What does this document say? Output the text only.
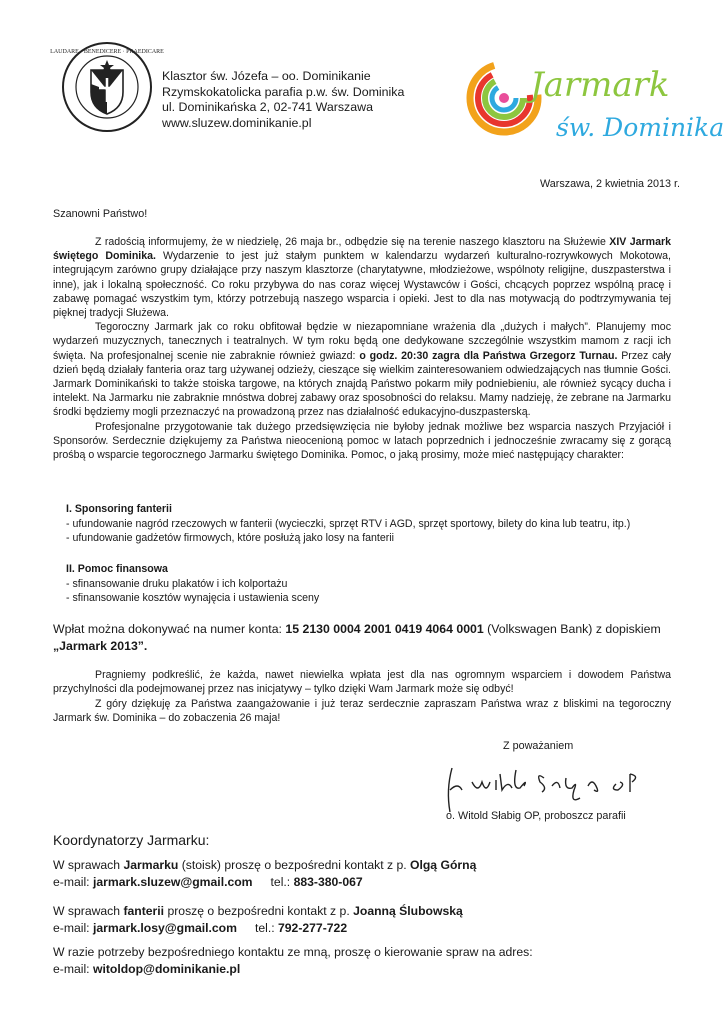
LAUDARE · BENEDICERE · PRAEDICARE
Klasztor św. Józefa – oo. Dominikanie
Rzymskokatolicka parafia p.w. św. Dominika
ul. Dominikańska 2, 02-741 Warszawa
www.sluzew.dominikanie.pl
Jarmark
św. Dominika
Warszawa, 2 kwietnia 2013 r.
Szanowni Państwo!

Z radością informujemy, że w niedzielę, 26 maja br., odbędzie się na terenie naszego klasztoru na Służewie XIV Jarmark świętego Dominika. Wydarzenie to jest już stałym punktem w kalendarzu wydarzeń kulturalno-rozrywkowych Mokotowa, integrującym zarówno grupy działające przy naszym klasztorze (charytatywne, młodzieżowe, wspólnoty religijne, duszpasterstwa i inne), jak i lokalną społeczność. Co roku przybywa do nas coraz więcej Wystawców i Gości, chcących poprzez wspólną pracę i zabawę pomagać wszystkim tym, którzy potrzebują naszego wsparcia i opieki. Jest to dla nas motywacją do podtrzymywania tej pięknej tradycji Służewa.

Tegoroczny Jarmark jak co roku obfitował będzie w niezapomniane wrażenia dla „dużych i małych”. Planujemy moc wydarzeń muzycznych, tanecznych i teatralnych. W tym roku będą one dedykowane szczególnie wszystkim mamom z racji ich święta. Na profesjonalnej scenie nie zabraknie również gwiazd: o godz. 20:30 zagra dla Państwa Grzegorz Turnau. Przez cały dzień będą działały fanteria oraz targ używanej odzieży, cieszące się wielkim zainteresowaniem odwiedzających nas tłumnie Gości. Jarmark Dominikański to także stoiska targowe, na których znajdą Państwo pokarm miły podniebieniu, ale również sycący ducha i intelekt. Na Jarmarku nie zabraknie mnóstwa dobrej zabawy oraz sposobności do relaksu. Mamy nadzieję, że zebrane na Jarmarku środki będziemy mogli przeznaczyć na prowadzoną przez nas działalność edukacyjno-duszpasterską.

Profesjonalne przygotowanie tak dużego przedsięwzięcia nie byłoby jednak możliwe bez wsparcia naszych Przyjaciół i Sponsorów. Serdecznie dziękujemy za Państwa nieocenioną pomoc w latach poprzednich i jednocześnie zwracamy się z gorącą prośbą o wsparcie tegorocznego Jarmarku świętego Dominika. Pomoc, o jaką prosimy, może mieć następujący charakter:

I. Sponsoring fanterii
- ufundowanie nagród rzeczowych w fanterii (wycieczki, sprzęt RTV i AGD, sprzęt sportowy, bilety do kina lub teatru, itp.)
- ufundowanie gadżetów firmowych, które posłużą jako losy na fanterii
II. Pomoc finansowa
- sfinansowanie druku plakatów i ich kolportażu
- sfinansowanie kosztów wynajęcia i ustawienia sceny
Wpłat można dokonywać na numer konta: 15 2130 0004 2001 0419 4064 0001 (Volkswagen Bank) z dopiskiem „Jarmark 2013”.

Pragniemy podkreślić, że każda, nawet niewielka wpłata jest dla nas ogromnym wsparciem i dowodem Państwa przychylności dla podejmowanej przez nas inicjatywy – tylko dzięki Wam Jarmark może się odbyć!

Z góry dziękuję za Państwa zaangażowanie i już teraz serdecznie zapraszam Państwa wraz z bliskimi na tegoroczny Jarmark św. Dominika – do zobaczenia 26 maja!

Z poważaniem
fr. Witold Słabig OP
o. Witold Słabig OP, proboszcz parafii
Koordynatorzy Jarmarku:
W sprawach Jarmarku (stoisk) proszę o bezpośredni kontakt z p. Olgą Górną
e-mail: jarmark.sluzew@gmail.com tel.: 883-380-067
W sprawach fanterii proszę o bezpośredni kontakt z p. Joanną Ślubowską
e-mail: jarmark.losy@gmail.com tel.: 792-277-722
W razie potrzeby bezpośredniego kontaktu ze mną, proszę o kierowanie spraw na adres:
e-mail: witoldop@dominikanie.pl
